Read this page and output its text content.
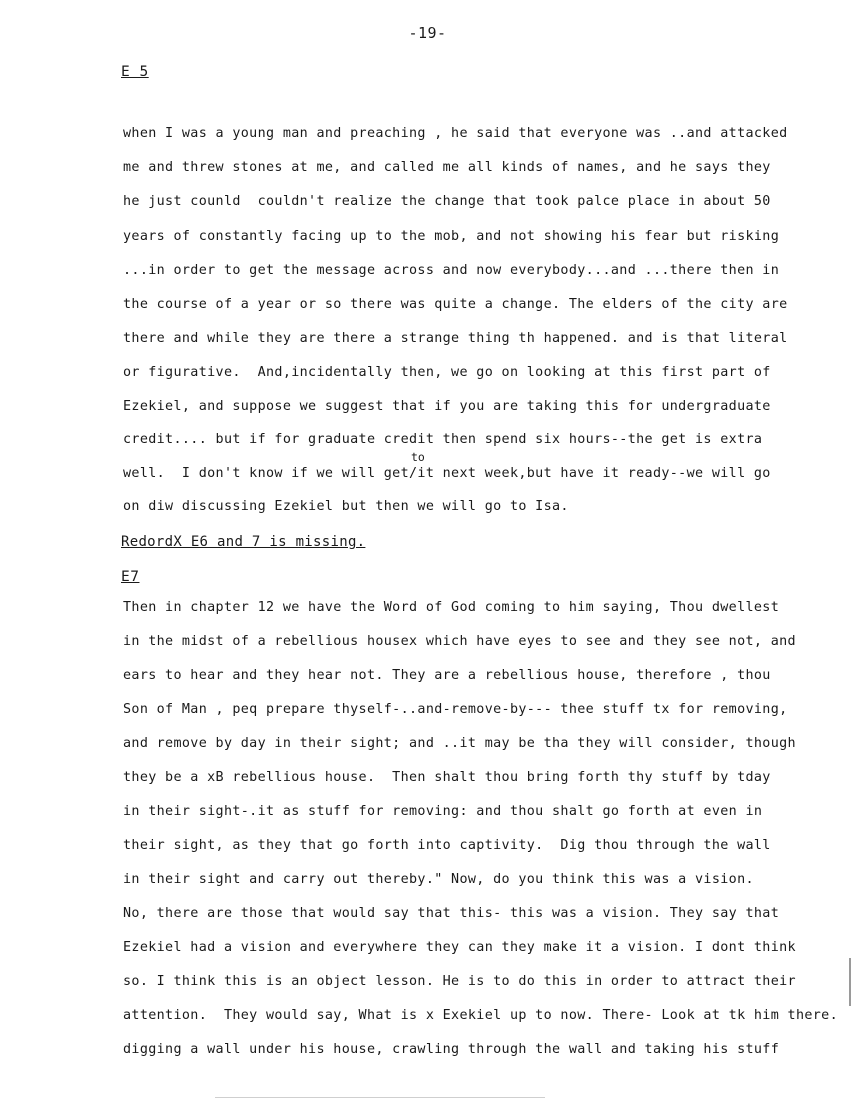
-19-
E 5
when I was a young man and preaching , he said that everyone was ..and attacked
me and threw stones at me, and called me all kinds of names, and he says they
he just counld  couldn't realize the change that took palce place in about 50
years of constantly facing up to the mob, and not showing his fear but risking
...in order to get the message across and now everybody...and ...there then in
the course of a year or so there was quite a change. The elders of the city are
there and while they are there a strange thing th happened. and is that literal
or figurative.  And,incidentally then, we go on looking at this first part of
Ezekiel, and suppose we suggest that if you are taking this for undergraduate
credit.... but if for graduate credit then spend six hours--the get is extra
to
well.  I don't know if we will get/it next week,but have it ready--we will go
on diw discussing Ezekiel but then we will go to Isa.
RedordX E6 and 7 is missing.
E7
Then in chapter 12 we have the Word of God coming to him saying, Thou dwellest
in the midst of a rebellious housex which have eyes to see and they see not, and
ears to hear and they hear not. They are a rebellious house, therefore , thou
Son of Man , peq prepare thyself-..and-remove-by--- thee stuff tx for removing,
and remove by day in their sight; and ..it may be tha they will consider, though
they be a xB rebellious house.  Then shalt thou bring forth thy stuff by tday
in their sight-.it as stuff for removing: and thou shalt go forth at even in
their sight, as they that go forth into captivity.  Dig thou through the wall
in their sight and carry out thereby." Now, do you think this was a vision.
No, there are those that would say that this- this was a vision. They say that
Ezekiel had a vision and everywhere they can they make it a vision. I dont think
so. I think this is an object lesson. He is to do this in order to attract their
attention.  They would say, What is x Exekiel up to now. There- Look at tk him there.
digging a wall under his house, crawling through the wall and taking his stuff
